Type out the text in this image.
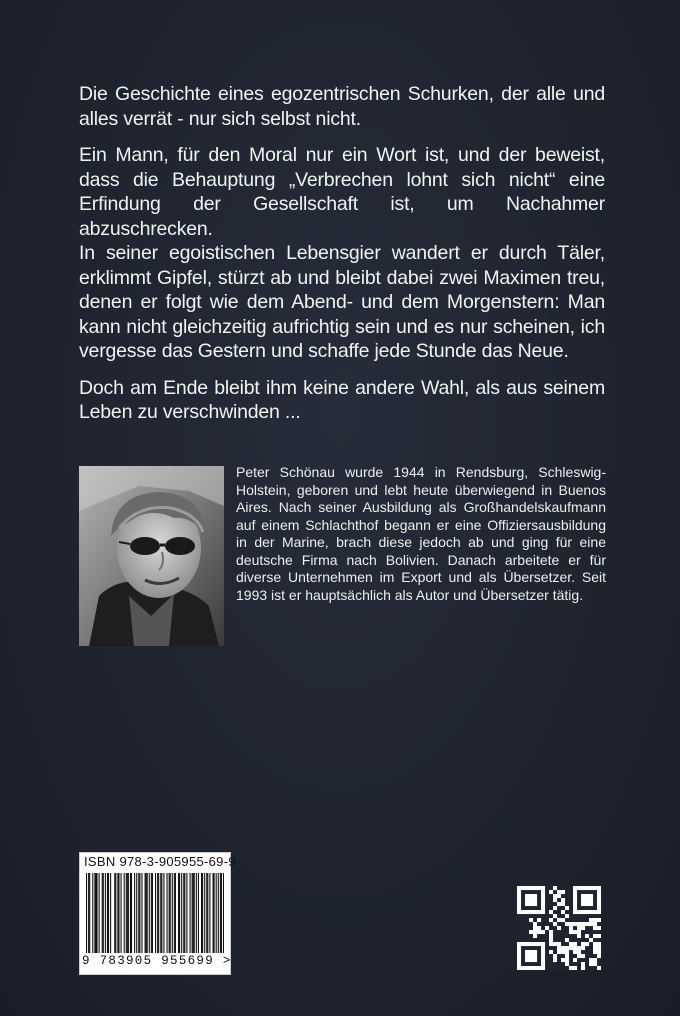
Die Geschichte eines egozentrischen Schurken, der alle und alles verrät - nur sich selbst nicht.

Ein Mann, für den Moral nur ein Wort ist, und der beweist, dass die Behauptung „Verbrechen lohnt sich nicht“ eine Erfindung der Gesellschaft ist, um Nachahmer abzuschrecken.

In seiner egoistischen Lebensgier wandert er durch Täler, erklimmt Gipfel, stürzt ab und bleibt dabei zwei Maximen treu, denen er folgt wie dem Abend- und dem Morgenstern: Man kann nicht gleichzeitig aufrichtig sein und es nur scheinen, ich vergesse das Gestern und schaffe jede Stunde das Neue.

Doch am Ende bleibt ihm keine andere Wahl, als aus seinem Leben zu verschwinden ...

Peter Schönau wurde 1944 in Rendsburg, Schleswig-Holstein, geboren und lebt heute überwiegend in Buenos Aires. Nach seiner Ausbildung als Großhandelskaufmann auf einem Schlachthof begann er eine Offiziersausbildung in der Marine, brach diese jedoch ab und ging für eine deutsche Firma nach Bolivien. Danach arbeitete er für diverse Unternehmen im Export und als Übersetzer. Seit 1993 ist er hauptsächlich als Autor und Übersetzer tätig.

ISBN 978-3-905955-69-9
9 783905 955699 >
